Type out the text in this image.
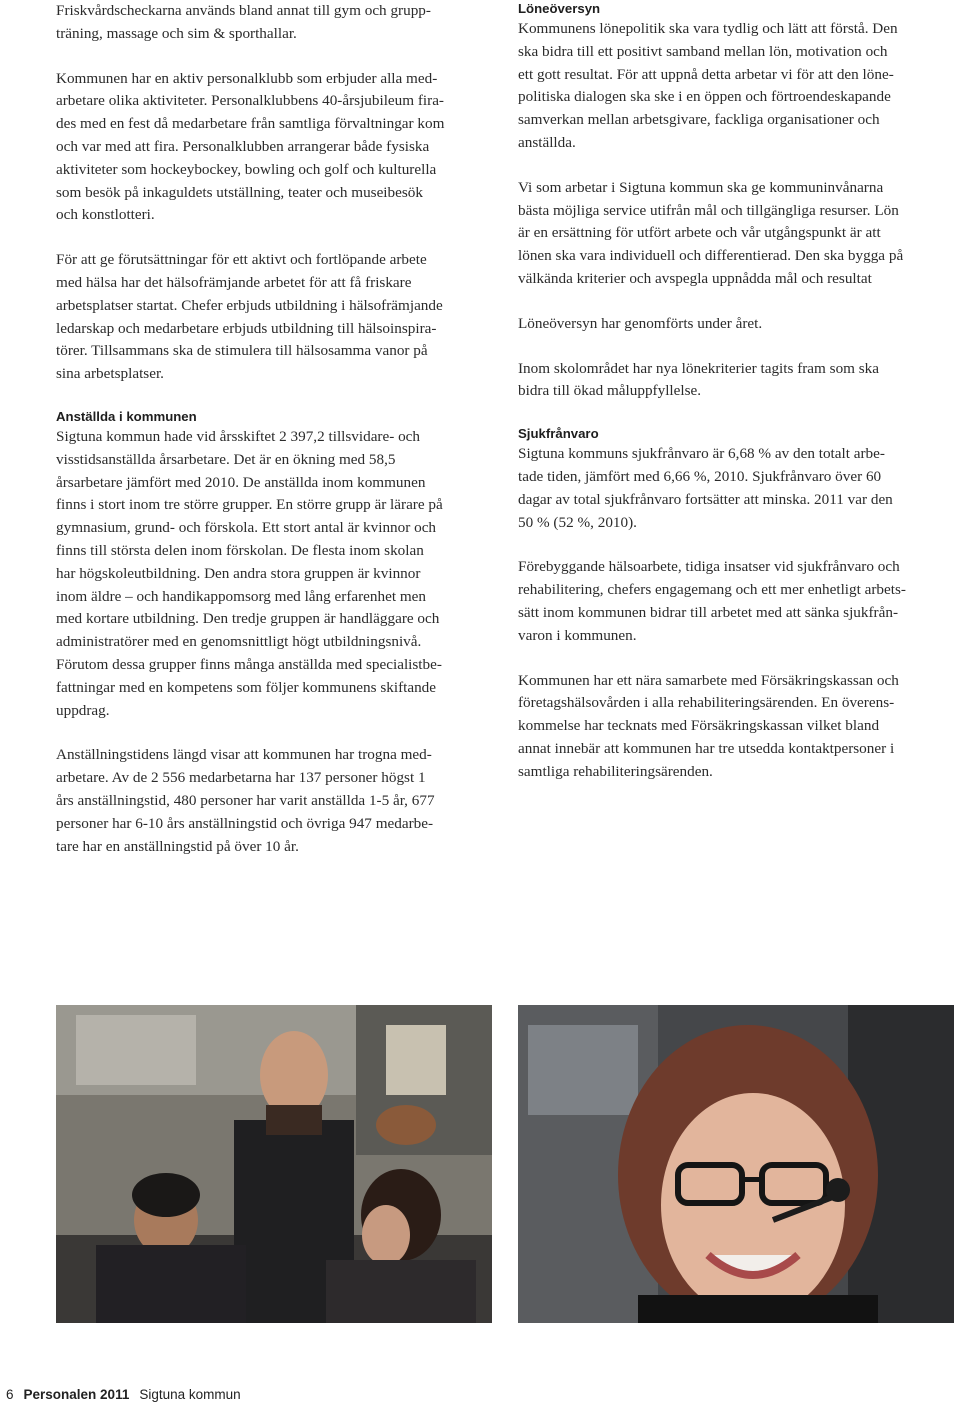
Friskvårdscheckarna används bland annat till gym och grupp-
träning, massage och sim & sporthallar.

Kommunen har en aktiv personalklubb som erbjuder alla med-
arbetare olika aktiviteter. Personalklubbens 40-årsjubileum fira-
des med en fest då medarbetare från samtliga förvaltningar kom
och var med att fira. Personalklubben arrangerar både fysiska
aktiviteter som hockeybockey, bowling och golf och kulturella
som besök på inkaguldets utställning, teater och museibesök
och konstlotteri.

För att ge förutsättningar för ett aktivt och fortlöpande arbete
med hälsa har det hälsofrämjande arbetet för att få friskare
arbetsplatser startat. Chefer erbjuds utbildning i hälsofrämjande
ledarskap och medarbetare erbjuds utbildning till hälsoinspira-
törer. Tillsammans ska de stimulera till hälsosamma vanor på
sina arbetsplatser.

Anställda i kommunen

Sigtuna kommun hade vid årsskiftet 2 397,2 tillsvidare- och
visstidsanställda årsarbetare. Det är en ökning med 58,5
årsarbetare jämfört med 2010. De anställda inom kommunen
finns i stort inom tre större grupper. En större grupp är lärare på
gymnasium, grund- och förskola. Ett stort antal är kvinnor och
finns till största delen inom förskolan. De flesta inom skolan
har högskoleutbildning. Den andra stora gruppen är kvinnor
inom äldre – och handikappomsorg med lång erfarenhet men
med kortare utbildning. Den tredje gruppen är handläggare och
administratörer med en genomsnittligt högt utbildningsnivå.
Förutom dessa grupper finns många anställda med specialistbe-
fattningar med en kompetens som följer kommunens skiftande
uppdrag.

Anställningstidens längd visar att kommunen har trogna med-
arbetare. Av de 2 556 medarbetarna har 137 personer högst 1
års anställningstid, 480 personer har varit anställda 1-5 år, 677
personer har 6-10 års anställningstid och övriga 947 medarbe-
tare har en anställningstid på över 10 år.

Löneöversyn

Kommunens lönepolitik ska vara tydlig och lätt att förstå. Den
ska bidra till ett positivt samband mellan lön, motivation och
ett gott resultat. För att uppnå detta arbetar vi för att den löne-
politiska dialogen ska ske i en öppen och förtroendeskapande
samverkan mellan arbetsgivare, fackliga organisationer och
anställda.

Vi som arbetar i Sigtuna kommun ska ge kommuninvånarna
bästa möjliga service utifrån mål och tillgängliga resurser. Lön
är en ersättning för utfört arbete och vår utgångspunkt är att
lönen ska vara individuell och differentierad. Den ska bygga på
välkända kriterier och avspegla uppnådda mål och resultat

Löneöversyn har genomförts under året.

Inom skolområdet har nya lönekriterier tagits fram som ska
bidra till ökad måluppfyllelse.

Sjukfrånvaro

Sigtuna kommuns sjukfrånvaro är 6,68 % av den totalt arbe-
tade tiden, jämfört med 6,66 %, 2010. Sjukfrånvaro över 60
dagar av total sjukfrånvaro fortsätter att minska. 2011 var den
50 % (52 %, 2010).

Förebyggande hälsoarbete, tidiga insatser vid sjukfrånvaro och
rehabilitering, chefers engagemang och ett mer enhetligt arbets-
sätt inom kommunen bidrar till arbetet med att sänka sjukfrån-
varon i kommunen.

Kommunen har ett nära samarbete med Försäkringskassan och
företagshälsovården i alla rehabiliteringsärenden. En överens-
kommelse har tecknats med Försäkringskassan vilket bland
annat innebär att kommunen har tre utsedda kontaktpersoner i
samtliga rehabiliteringsärenden.

6 Personalen 2011 Sigtuna kommun
